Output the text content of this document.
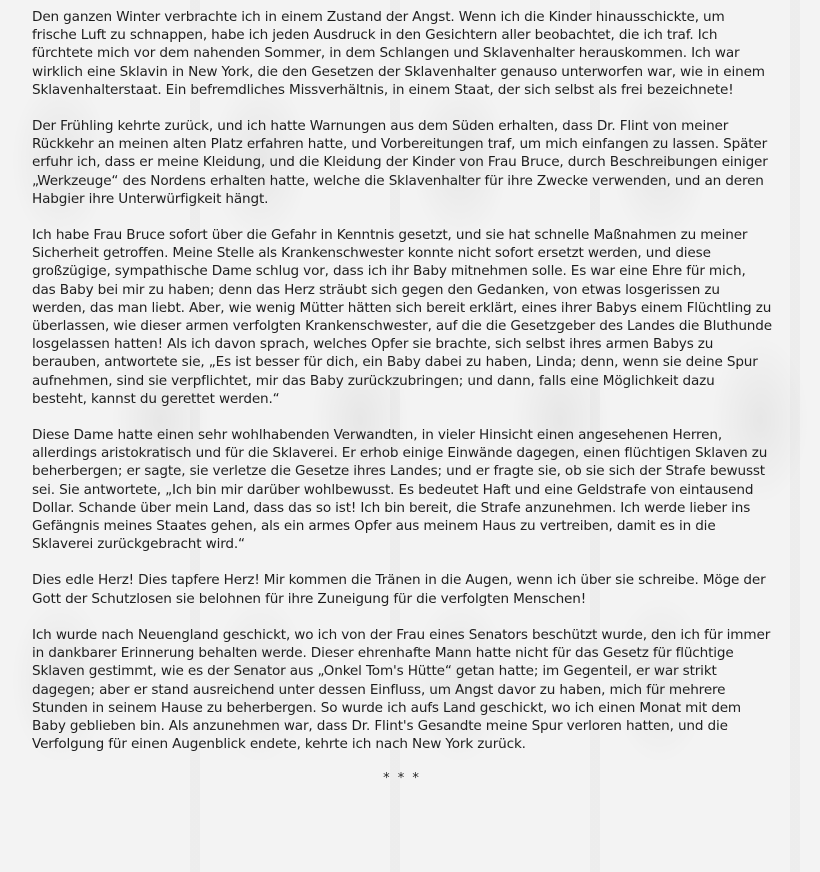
Den ganzen Winter verbrachte ich in einem Zustand der Angst. Wenn ich die Kinder hinausschickte, um frische Luft zu schnappen, habe ich jeden Ausdruck in den Gesichtern aller beobachtet, die ich traf. Ich fürchtete mich vor dem nahenden Sommer, in dem Schlangen und Sklavenhalter herauskommen. Ich war wirklich eine Sklavin in New York, die den Gesetzen der Sklavenhalter genauso unterworfen war, wie in einem Sklavenhalterstaat. Ein befremdliches Missverhältnis, in einem Staat, der sich selbst als frei bezeichnete!

Der Frühling kehrte zurück, und ich hatte Warnungen aus dem Süden erhalten, dass Dr. Flint von meiner Rückkehr an meinen alten Platz erfahren hatte, und Vorbereitungen traf, um mich einfangen zu lassen. Später erfuhr ich, dass er meine Kleidung, und die Kleidung der Kinder von Frau Bruce, durch Beschreibungen einiger „Werkzeuge“ des Nordens erhalten hatte, welche die Sklavenhalter für ihre Zwecke verwenden, und an deren Habgier ihre Unterwürfigkeit hängt.

Ich habe Frau Bruce sofort über die Gefahr in Kenntnis gesetzt, und sie hat schnelle Maßnahmen zu meiner Sicherheit getroffen. Meine Stelle als Krankenschwester konnte nicht sofort ersetzt werden, und diese großzügige, sympathische Dame schlug vor, dass ich ihr Baby mitnehmen solle. Es war eine Ehre für mich, das Baby bei mir zu haben; denn das Herz sträubt sich gegen den Gedanken, von etwas losgerissen zu werden, das man liebt. Aber, wie wenig Mütter hätten sich bereit erklärt, eines ihrer Babys einem Flüchtling zu überlassen, wie dieser armen verfolgten Krankenschwester, auf die die Gesetzgeber des Landes die Bluthunde losgelassen hatten! Als ich davon sprach, welches Opfer sie brachte, sich selbst ihres armen Babys zu berauben, antwortete sie, „Es ist besser für dich, ein Baby dabei zu haben, Linda; denn, wenn sie deine Spur aufnehmen, sind sie verpflichtet, mir das Baby zurückzubringen; und dann, falls eine Möglichkeit dazu besteht, kannst du gerettet werden.“

Diese Dame hatte einen sehr wohlhabenden Verwandten, in vieler Hinsicht einen angesehenen Herren, allerdings aristokratisch und für die Sklaverei. Er erhob einige Einwände dagegen, einen flüchtigen Sklaven zu beherbergen; er sagte, sie verletze die Gesetze ihres Landes; und er fragte sie, ob sie sich der Strafe bewusst sei. Sie antwortete, „Ich bin mir darüber wohlbewusst. Es bedeutet Haft und eine Geldstrafe von eintausend Dollar. Schande über mein Land, dass das so ist! Ich bin bereit, die Strafe anzunehmen. Ich werde lieber ins Gefängnis meines Staates gehen, als ein armes Opfer aus meinem Haus zu vertreiben, damit es in die Sklaverei zurückgebracht wird.“

Dies edle Herz! Dies tapfere Herz! Mir kommen die Tränen in die Augen, wenn ich über sie schreibe. Möge der Gott der Schutzlosen sie belohnen für ihre Zuneigung für die verfolgten Menschen!

Ich wurde nach Neuengland geschickt, wo ich von der Frau eines Senators beschützt wurde, den ich für immer in dankbarer Erinnerung behalten werde. Dieser ehrenhafte Mann hatte nicht für das Gesetz für flüchtige Sklaven gestimmt, wie es der Senator aus „Onkel Tom's Hütte“ getan hatte; im Gegenteil, er war strikt dagegen; aber er stand ausreichend unter dessen Einfluss, um Angst davor zu haben, mich für mehrere Stunden in seinem Hause zu beherbergen. So wurde ich aufs Land geschickt, wo ich einen Monat mit dem Baby geblieben bin. Als anzunehmen war, dass Dr. Flint's Gesandte meine Spur verloren hatten, und die Verfolgung für einen Augenblick endete, kehrte ich nach New York zurück.

* * *
